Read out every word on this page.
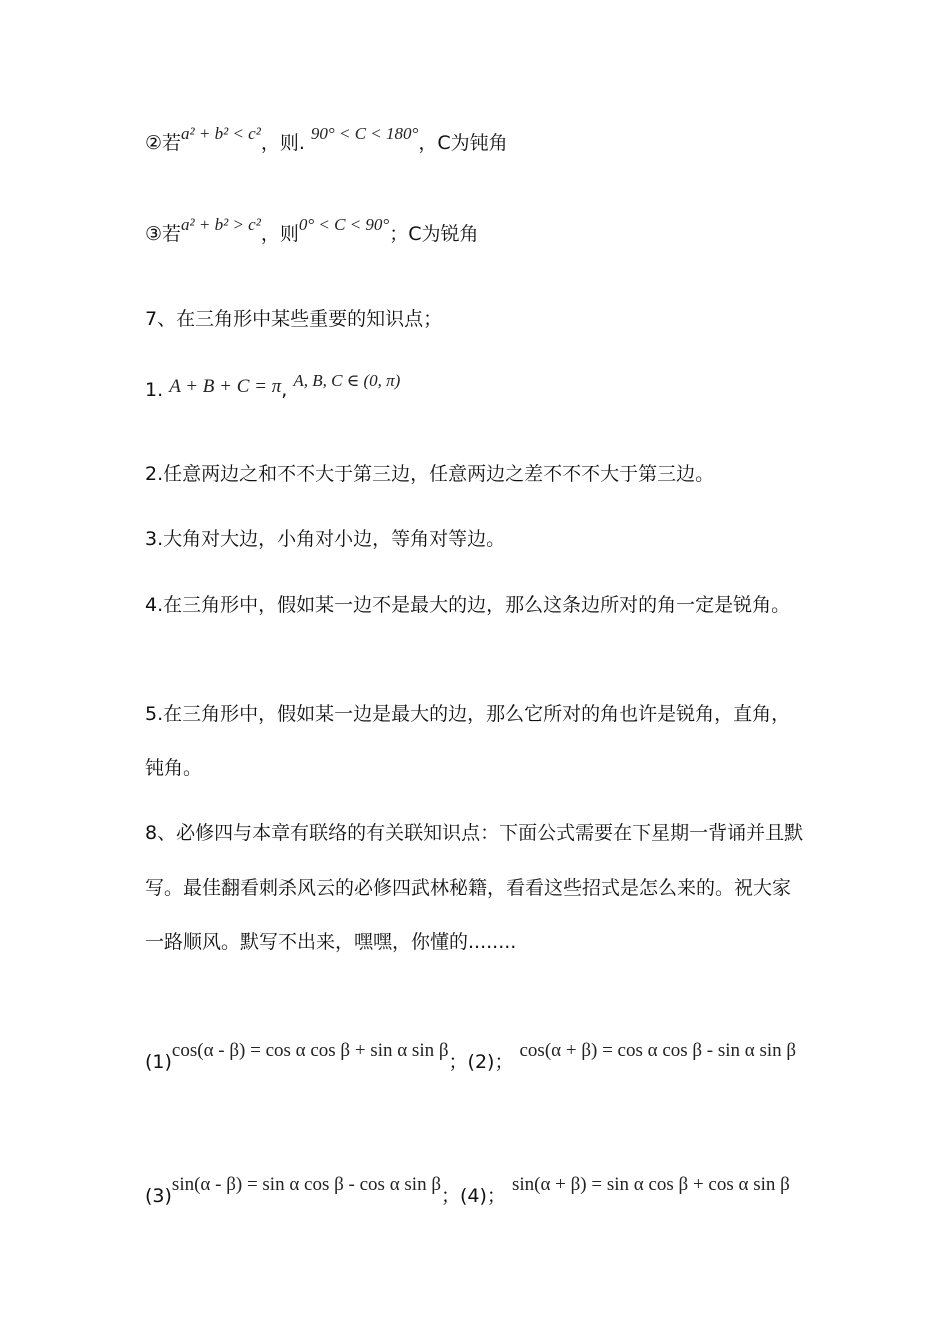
②若a² + b² < c²，则. 90° < C < 180°，C为钝角
③若a² + b² > c²，则0° < C < 90°；C为锐角
7、在三角形中某些重要的知识点；
1. A + B + C = π, A, B, C ∈ (0, π)
2.任意两边之和不不大于第三边，任意两边之差不不不大于第三边。
3.大角对大边，小角对小边，等角对等边。
4.在三角形中，假如某一边不是最大的边，那么这条边所对的角一定是锐角。
5.在三角形中，假如某一边是最大的边，那么它所对的角也许是锐角，直角，
钝角。
8、必修四与本章有联络的有关联知识点：下面公式需要在下星期一背诵并且默
写。最佳翻看刺杀风云的必修四武林秘籍，看看这些招式是怎么来的。祝大家
一路顺风。默写不出来，嘿嘿，你懂的........
(1)cos(α - β) = cos α cos β + sin α sin β；(2)； cos(α + β) = cos α cos β - sin α sin β
(3)sin(α - β) = sin α cos β - cos α sin β；(4)； sin(α + β) = sin α cos β + cos α sin β
